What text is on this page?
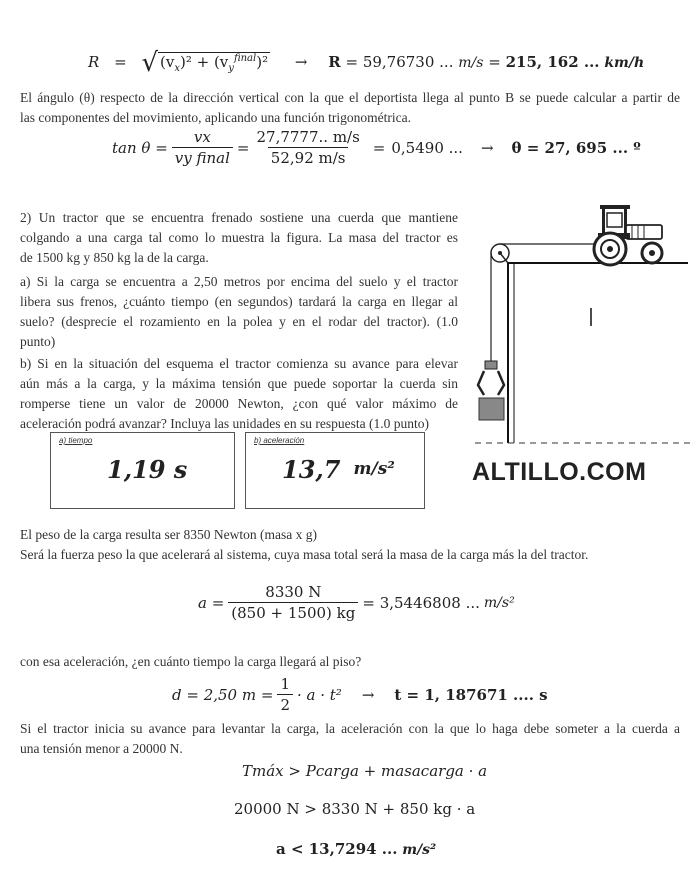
R = √ $(v_x)^2 + (v_y^{final})^2 \to R = 59,76730$ ... m/s = 215, 162 ... km/h
El ángulo (θ) respecto de la dirección vertical con la que el deportista llega al punto B se puede calcular a partir de
las componentes del movimiento, aplicando una función trigonométrica.
$\tan \theta = \frac{vx}{\text{vy final}} = \frac{27,7777.. m/s}{52,92 m/s} = 0,5490$ ... → θ = 27, 695 ... º
2) Un tractor que se encuentra frenado sostiene una cuerda que mantiene
colgando a una carga tal como lo muestra la figura. La masa del tractor es
de 1500 kg y 850 kg la de la carga.
a) Si la carga se encuentra a 2,50 metros por encima del suelo y el tractor
libera sus frenos, ¿cuánto tiempo (en segundos) tardará la carga en llegar al
suelo? (desprecie el rozamiento en la polea y en el rodar del tractor). (1.0
punto)
b) Si en la situación del esquema el tractor comienza su avance para elevar
aún más a la carga, y la máxima tensión que puede soportar la cuerda sin
romperse tiene un valor de 20000 Newton, ¿con qué valor máximo de
aceleración podrá avanzar? Incluya las unidades en su respuesta (1.0 punto)
a) tiempo
1,19 s
b) aceleración
13,7 m/s²	ALTILLO.COM
El peso de la carga resulta ser 8350 Newton (masa x g)
Será la fuerza peso la que acelerará al sistema, cuya masa total será la masa de la carga más la del tractor.
$a = \frac{8330 N}{(850 + 1500) kg} = 3,5446808$ ... m/s²
con esa aceleración, ¿en cuánto tiempo la carga llegará al piso?
d = 2,50 $m = \frac{1}{2} \cdot a \cdot t^2 \to t = 1$, 187671 .... s
Si el tractor inicia su avance para levantar la carga, la aceleración con la que lo haga debe someter a la cuerda a
una tensión menor a 20000 N.
Tmáx > Pcarga + masacarga · a
20000 N > 8330 N + 850 kg · a
a < 13,7294 ... m/s²
